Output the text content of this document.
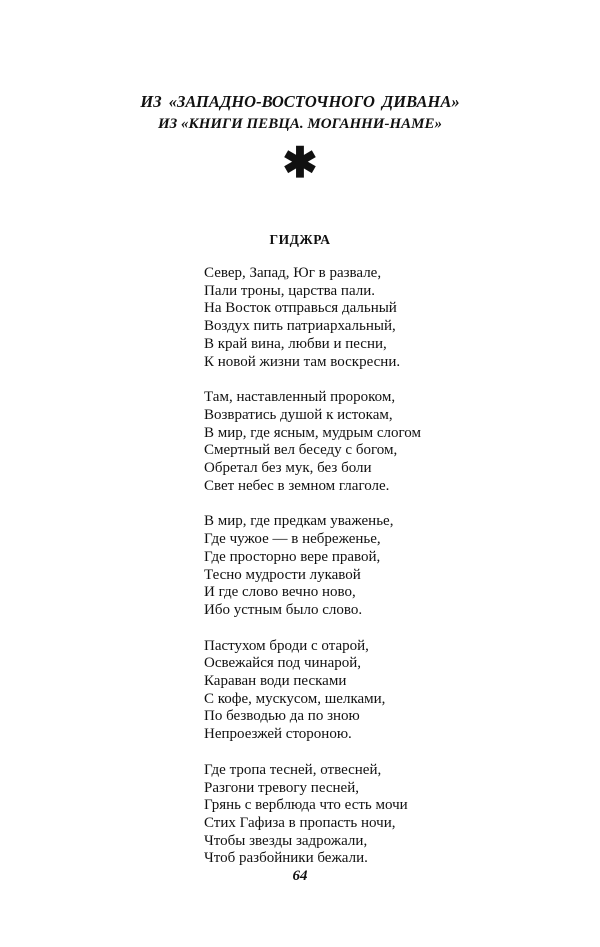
ИЗ «ЗАПАДНО-ВОСТОЧНОГО ДИВАНА»
ИЗ «КНИГИ ПЕВЦА. МОГАННИ-НАМЕ»
✱
ГИДЖРА
Север, Запад, Юг в развале,
Пали троны, царства пали.
На Восток отправься дальный
Воздух пить патриархальный,
В край вина, любви и песни,
К новой жизни там воскресни.
Там, наставленный пророком,
Возвратись душой к истокам,
В мир, где ясным, мудрым слогом
Смертный вел беседу с богом,
Обретал без мук, без боли
Свет небес в земном глаголе.
В мир, где предкам уваженье,
Где чужое — в небреженье,
Где просторно вере правой,
Тесно мудрости лукавой
И где слово вечно ново,
Ибо устным было слово.
Пастухом броди с отарой,
Освежайся под чинарой,
Караван води песками
С кофе, мускусом, шелками,
По безводью да по зною
Непроезжей стороною.
Где тропа тесней, отвесней,
Разгони тревогу песней,
Грянь с верблюда что есть мочи
Стих Гафиза в пропасть ночи,
Чтобы звезды задрожали,
Чтоб разбойники бежали.
64
